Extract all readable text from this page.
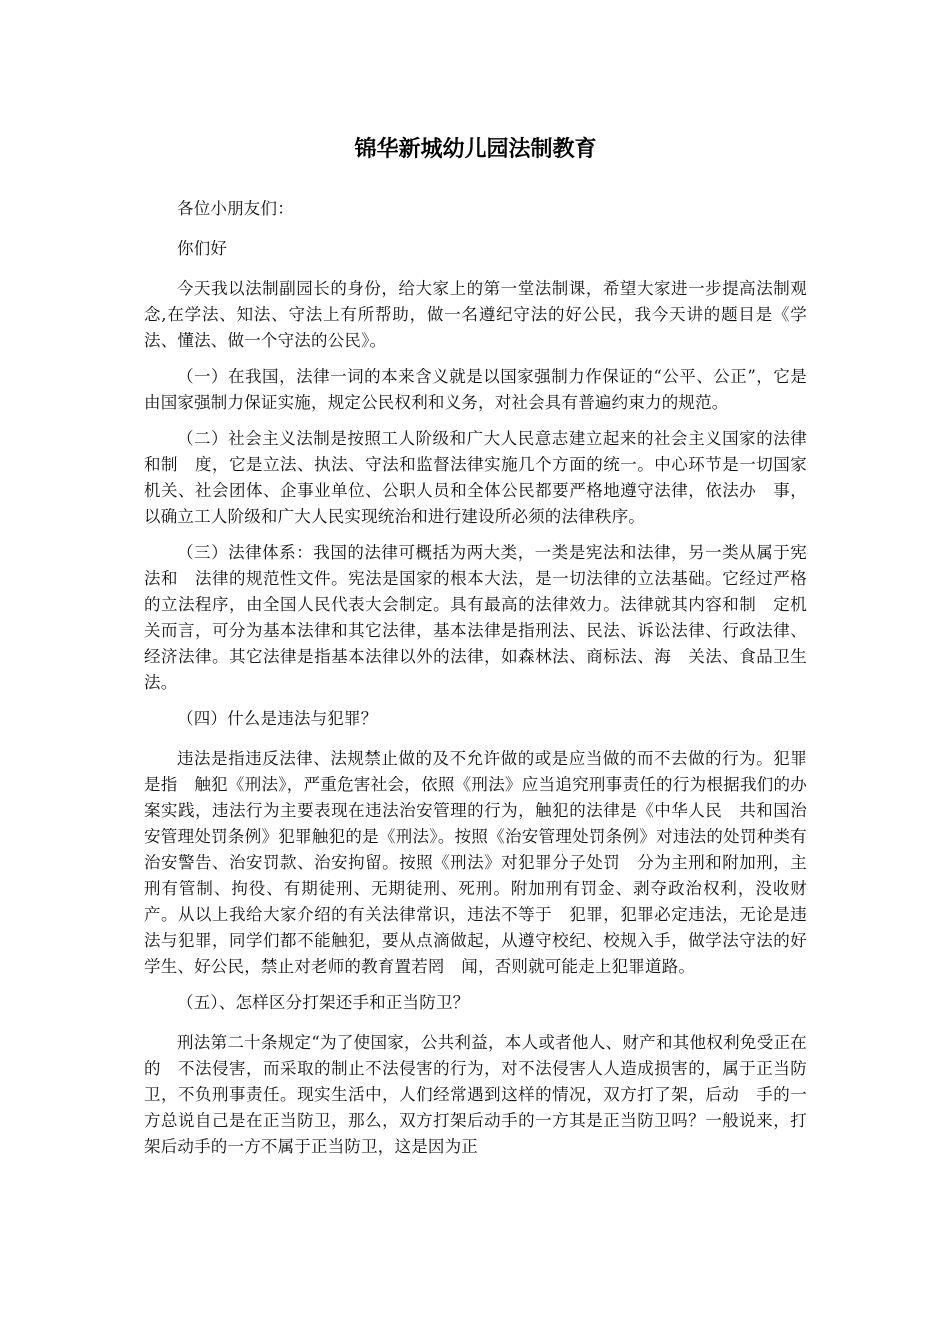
锦华新城幼儿园法制教育

各位小朋友们：

你们好

今天我以法制副园长的身份，给大家上的第一堂法制课，希望大家进一步提高法制观念,在学法、知法、守法上有所帮助，做一名遵纪守法的好公民，我今天讲的题目是《学法、懂法、做一个守法的公民》。

（一）在我国，法律一词的本来含义就是以国家强制力作保证的“公平、公正”，它是由国家强制力保证实施，规定公民权利和义务，对社会具有普遍约束力的规范。

（二）社会主义法制是按照工人阶级和广大人民意志建立起来的社会主义国家的法律和制　度，它是立法、执法、守法和监督法律实施几个方面的统一。中心环节是一切国家机关、社会团体、企事业单位、公职人员和全体公民都要严格地遵守法律，依法办　事，以确立工人阶级和广大人民实现统治和进行建设所必须的法律秩序。

（三）法律体系：我国的法律可概括为两大类，一类是宪法和法律，另一类从属于宪法和　法律的规范性文件。宪法是国家的根本大法，是一切法律的立法基础。它经过严格的立法程序，由全国人民代表大会制定。具有最高的法律效力。法律就其内容和制　定机关而言，可分为基本法律和其它法律，基本法律是指刑法、民法、诉讼法律、行政法律、经济法律。其它法律是指基本法律以外的法律，如森林法、商标法、海　关法、食品卫生法。

（四）什么是违法与犯罪？

违法是指违反法律、法规禁止做的及不允许做的或是应当做的而不去做的行为。犯罪是指　触犯《刑法》，严重危害社会，依照《刑法》应当追究刑事责任的行为根据我们的办案实践，违法行为主要表现在违法治安管理的行为，触犯的法律是《中华人民　共和国治安管理处罚条例》犯罪触犯的是《刑法》。按照《治安管理处罚条例》对违法的处罚种类有治安警告、治安罚款、治安拘留。按照《刑法》对犯罪分子处罚　分为主刑和附加刑，主刑有管制、拘役、有期徒刑、无期徒刑、死刑。附加刑有罚金、剥夺政治权利，没收财产。从以上我给大家介绍的有关法律常识，违法不等于　犯罪，犯罪必定违法，无论是违法与犯罪，同学们都不能触犯，要从点滴做起，从遵守校纪、校规入手，做学法守法的好学生、好公民，禁止对老师的教育置若罔　闻，否则就可能走上犯罪道路。

（五）、怎样区分打架还手和正当防卫？

刑法第二十条规定“为了使国家，公共利益，本人或者他人、财产和其他权利免受正在的　不法侵害，而采取的制止不法侵害的行为，对不法侵害人人造成损害的，属于正当防卫，不负刑事责任。现实生活中，人们经常遇到这样的情况，双方打了架，后动　手的一方总说自己是在正当防卫，那么，双方打架后动手的一方其是正当防卫吗？一般说来，打架后动手的一方不属于正当防卫，这是因为正
